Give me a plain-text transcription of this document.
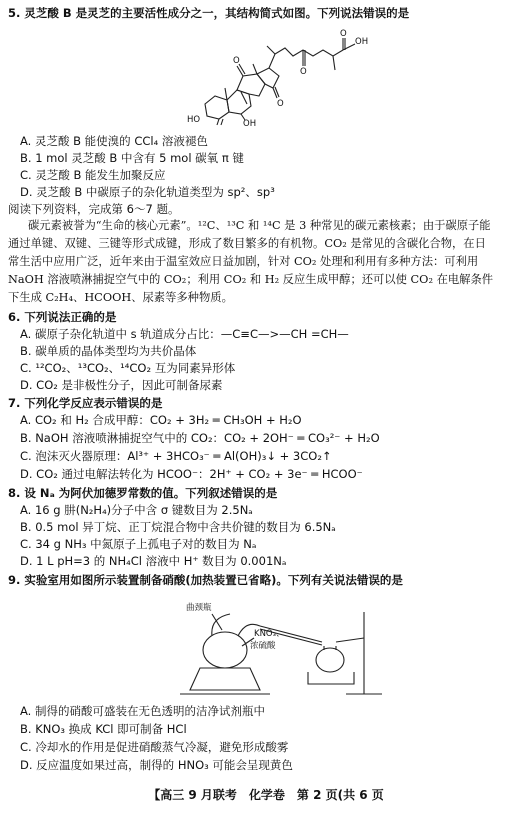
5. 灵芝酸 B 是灵芝的主要活性成分之一，其结构简式如图。下列说法错误的是
OH
O
O
O
O
HO	OH
A. 灵芝酸 B 能使溴的 CCl₄ 溶液褪色
B. 1 mol 灵芝酸 B 中含有 5 mol 碳氧 π 键
C. 灵芝酸 B 能发生加聚反应
D. 灵芝酸 B 中碳原子的杂化轨道类型为 sp²、sp³
阅读下列资料，完成第 6～7 题。
碳元素被誉为“生命的核心元素”。¹²C、¹³C 和 ¹⁴C 是 3 种常见的碳元素核素；由于碳原子能
通过单键、双键、三键等形式成键，形成了数目繁多的有机物。CO₂ 是常见的含碳化合物，在日
常生活中应用广泛，近年来由于温室效应日益加剧，针对 CO₂ 处理和利用有多种方法：可利用
NaOH 溶液喷淋捕捉空气中的 CO₂；利用 CO₂ 和 H₂ 反应生成甲醇；还可以使 CO₂ 在电解条件
下生成 C₂H₄、HCOOH、尿素等多种物质。
6. 下列说法正确的是
A. 碳原子杂化轨道中 s 轨道成分占比：—C≡C—>—CH =CH—
B. 碳单质的晶体类型均为共价晶体
C. ¹²CO₂、¹³CO₂、¹⁴CO₂ 互为同素异形体
D. CO₂ 是非极性分子，因此可制备尿素
7. 下列化学反应表示错误的是
A. CO₂ 和 H₂ 合成甲醇：CO₂ + 3H₂ ═ CH₃OH + H₂O
B. NaOH 溶液喷淋捕捉空气中的 CO₂：CO₂ + 2OH⁻ ═ CO₃²⁻ + H₂O
C. 泡沫灭火器原理：Al³⁺ + 3HCO₃⁻ ═ Al(OH)₃↓ + 3CO₂↑
D. CO₂ 通过电解法转化为 HCOO⁻：2H⁺ + CO₂ + 3e⁻ ═ HCOO⁻
8. 设 Nₐ 为阿伏加德罗常数的值。下列叙述错误的是
A. 16 g 肼(N₂H₄)分子中含 σ 键数目为 2.5Nₐ
B. 0.5 mol 异丁烷、正丁烷混合物中含共价键的数目为 6.5Nₐ
C. 34 g NH₃ 中氮原子上孤电子对的数目为 Nₐ
D. 1 L pH=3 的 NH₄Cl 溶液中 H⁺ 数目为 0.001Nₐ
9. 实验室用如图所示装置制备硝酸(加热装置已省略)。下列有关说法错误的是
曲颈瓶
KNO₃、
浓硫酸
A. 制得的硝酸可盛装在无色透明的洁净试剂瓶中
B. KNO₃ 换成 KCl 即可制备 HCl
C. 冷却水的作用是促进硝酸蒸气冷凝，避免形成酸雾
D. 反应温度如果过高，制得的 HNO₃ 可能会呈现黄色
【高三 9 月联考　化学卷　第 2 页(共 6 页
